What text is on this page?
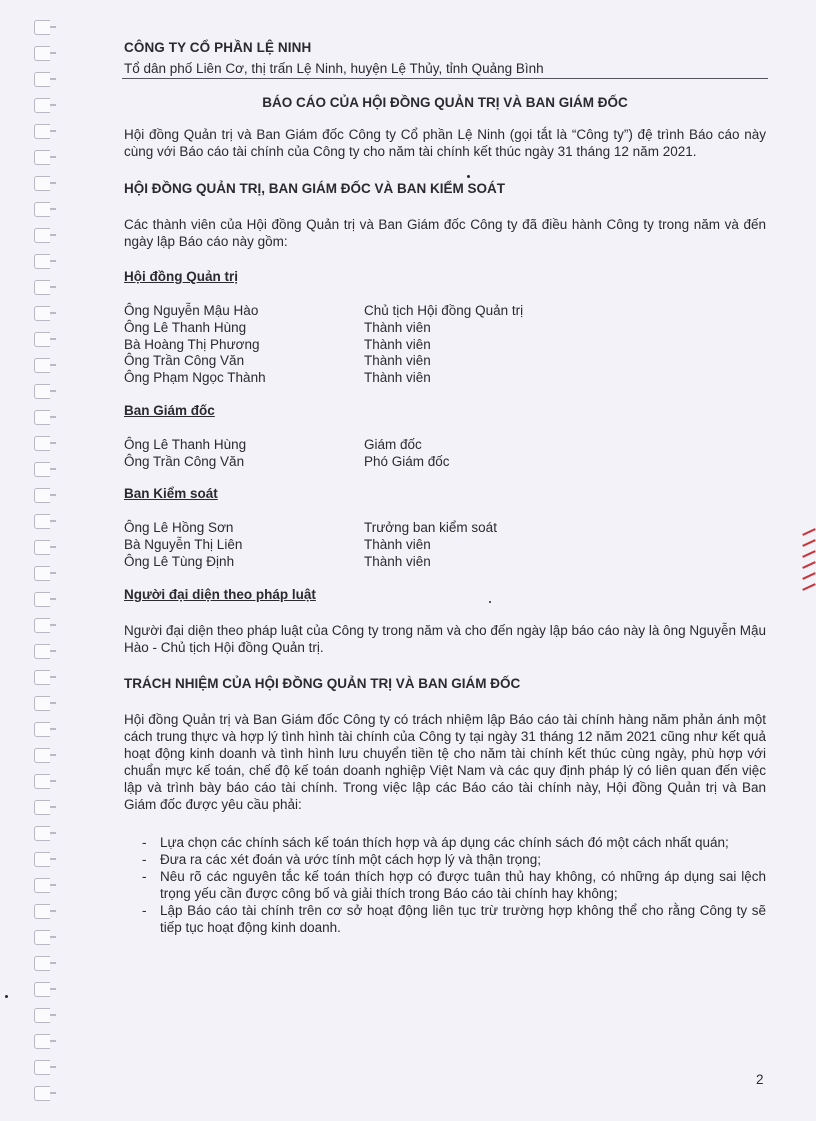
CÔNG TY CỔ PHẦN LỆ NINH
Tổ dân phố Liên Cơ, thị trấn Lệ Ninh, huyện Lệ Thủy, tỉnh Quảng Bình
BÁO CÁO CỦA HỘI ĐỒNG QUẢN TRỊ VÀ BAN GIÁM ĐỐC

Hội đồng Quản trị và Ban Giám đốc Công ty Cổ phần Lệ Ninh (gọi tắt là “Công ty”) đệ trình Báo cáo này cùng với Báo cáo tài chính của Công ty cho năm tài chính kết thúc ngày 31 tháng 12 năm 2021.

HỘI ĐỒNG QUẢN TRỊ, BAN GIÁM ĐỐC VÀ BAN KIỂM SOÁT

Các thành viên của Hội đồng Quản trị và Ban Giám đốc Công ty đã điều hành Công ty trong năm và đến ngày lập Báo cáo này gồm:

Hội đồng Quản trị
Ông Nguyễn Mậu Hào	Chủ tịch Hội đồng Quản trị
Ông Lê Thanh Hùng	Thành viên
Bà Hoàng Thị Phương	Thành viên
Ông Trần Công Văn	Thành viên
Ông Phạm Ngọc Thành	Thành viên
Ban Giám đốc
Ông Lê Thanh Hùng	Giám đốc
Ông Trần Công Văn	Phó Giám đốc
Ban Kiểm soát
Ông Lê Hồng Sơn	Trưởng ban kiểm soát
Bà Nguyễn Thị Liên	Thành viên
Ông Lê Tùng Định	Thành viên
Người đại diện theo pháp luật

Người đại diện theo pháp luật của Công ty trong năm và cho đến ngày lập báo cáo này là ông Nguyễn Mậu Hào - Chủ tịch Hội đồng Quản trị.

TRÁCH NHIỆM CỦA HỘI ĐỒNG QUẢN TRỊ VÀ BAN GIÁM ĐỐC

Hội đồng Quản trị và Ban Giám đốc Công ty có trách nhiệm lập Báo cáo tài chính hàng năm phản ánh một cách trung thực và hợp lý tình hình tài chính của Công ty tại ngày 31 tháng 12 năm 2021 cũng như kết quả hoạt động kinh doanh và tình hình lưu chuyển tiền tệ cho năm tài chính kết thúc cùng ngày, phù hợp với chuẩn mực kế toán, chế độ kế toán doanh nghiệp Việt Nam và các quy định pháp lý có liên quan đến việc lập và trình bày báo cáo tài chính. Trong việc lập các Báo cáo tài chính này, Hội đồng Quản trị và Ban Giám đốc được yêu cầu phải:

- Lựa chọn các chính sách kế toán thích hợp và áp dụng các chính sách đó một cách nhất quán;
- Đưa ra các xét đoán và ước tính một cách hợp lý và thận trọng;
- Nêu rõ các nguyên tắc kế toán thích hợp có được tuân thủ hay không, có những áp dụng sai lệch trọng yếu cần được công bố và giải thích trong Báo cáo tài chính hay không;
- Lập Báo cáo tài chính trên cơ sở hoạt động liên tục trừ trường hợp không thể cho rằng Công ty sẽ tiếp tục hoạt động kinh doanh.
2
